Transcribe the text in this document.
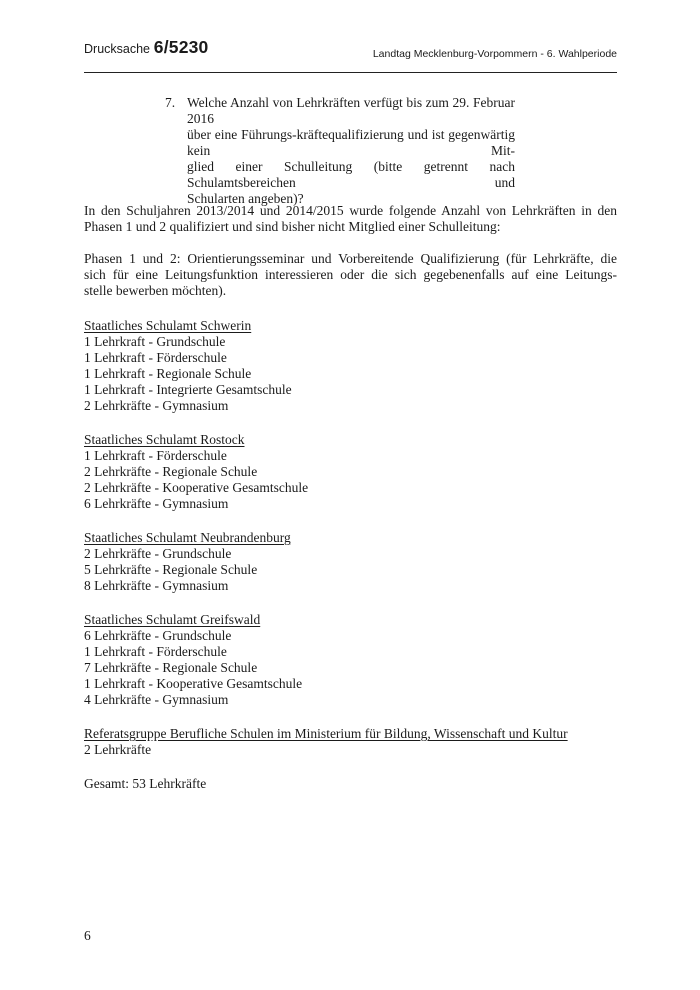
Drucksache 6/5230	Landtag Mecklenburg-Vorpommern - 6. Wahlperiode
7. Welche Anzahl von Lehrkräften verfügt bis zum 29. Februar 2016
über eine Führungs-kräftequalifizierung und ist gegenwärtig kein Mit-
glied einer Schulleitung (bitte getrennt nach Schulamtsbereichen und
Schularten angeben)?
In den Schuljahren 2013/2014 und 2014/2015 wurde folgende Anzahl von Lehrkräften in den
Phasen 1 und 2 qualifiziert und sind bisher nicht Mitglied einer Schulleitung:
Phasen 1 und 2: Orientierungsseminar und Vorbereitende Qualifizierung (für Lehrkräfte, die
sich für eine Leitungsfunktion interessieren oder die sich gegebenenfalls auf eine Leitungs-
stelle bewerben möchten).
Staatliches Schulamt Schwerin
1 Lehrkraft - Grundschule
1 Lehrkraft - Förderschule
1 Lehrkraft - Regionale Schule
1 Lehrkraft - Integrierte Gesamtschule
2 Lehrkräfte - Gymnasium
Staatliches Schulamt Rostock
1 Lehrkraft - Förderschule
2 Lehrkräfte - Regionale Schule
2 Lehrkräfte - Kooperative Gesamtschule
6 Lehrkräfte - Gymnasium
Staatliches Schulamt Neubrandenburg
2 Lehrkräfte - Grundschule
5 Lehrkräfte - Regionale Schule
8 Lehrkräfte - Gymnasium
Staatliches Schulamt Greifswald
6 Lehrkräfte - Grundschule
1 Lehrkraft - Förderschule
7 Lehrkräfte - Regionale Schule
1 Lehrkraft - Kooperative Gesamtschule
4 Lehrkräfte - Gymnasium
Referatsgruppe Berufliche Schulen im Ministerium für Bildung, Wissenschaft und Kultur
2 Lehrkräfte
Gesamt: 53 Lehrkräfte
6
